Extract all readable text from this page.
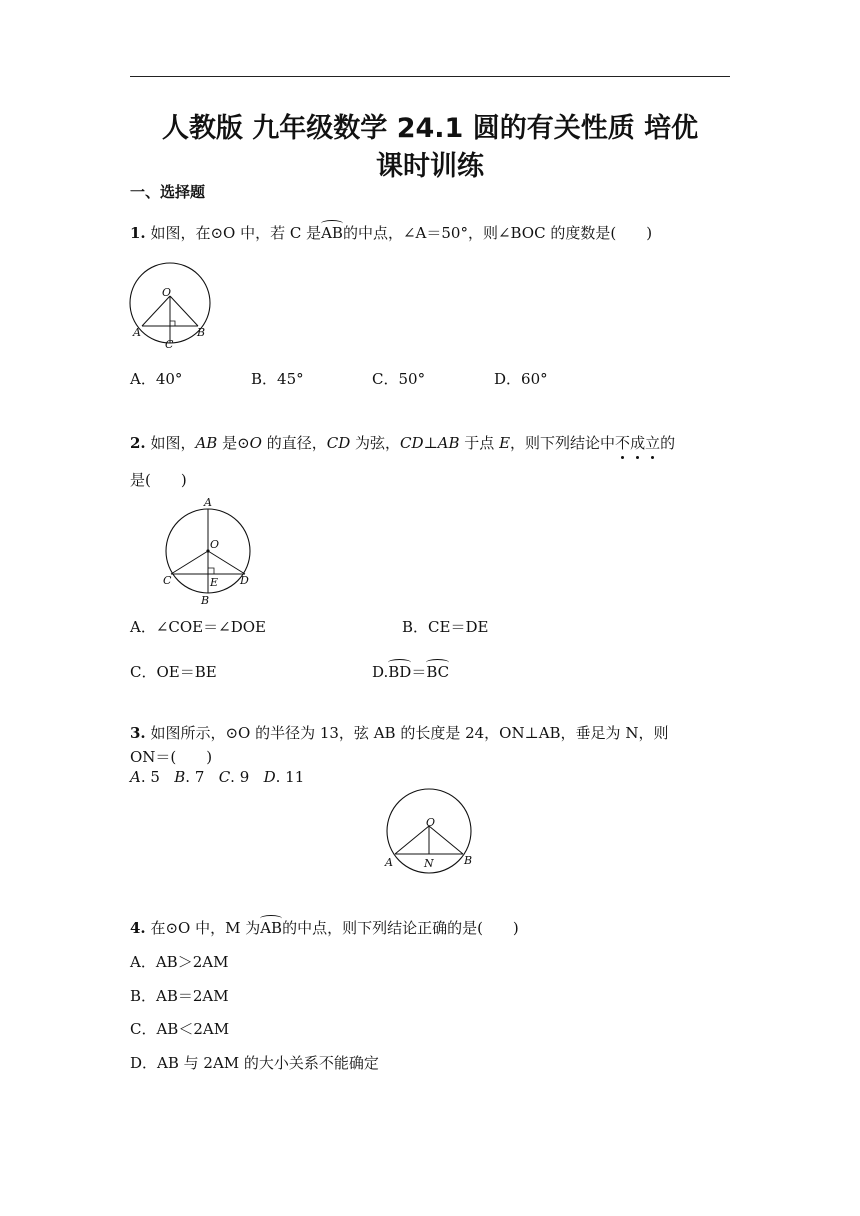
人教版 九年级数学 24.1 圆的有关性质 培优
课时训练
一、选择题
1. 如图，在⊙O 中，若 C 是AB的中点，∠A＝50°，则∠BOC 的度数是(　　)
O
A	B
C
A．40°	B．45°	C．50°	D．60°
2. 如图，AB 是⊙O 的直径，CD 为弦，CD⊥AB 于点 E，则下列结论中不成立的
是(　　)
A
O
C	D
E
B
A．∠COE＝∠DOE	B．CE＝DE
C．OE＝BE	D.BD＝BC
3. 如图所示，⊙O 的半径为 13，弦 AB 的长度是 24，ON⊥AB，垂足为 N，则
ON＝(　　)
A. 5 B. 7 C. 9 D. 11
O
A	N	B
4. 在⊙O 中，M 为AB的中点，则下列结论正确的是(　　)
A．AB＞2AM
B．AB＝2AM
C．AB＜2AM
D．AB 与 2AM 的大小关系不能确定
